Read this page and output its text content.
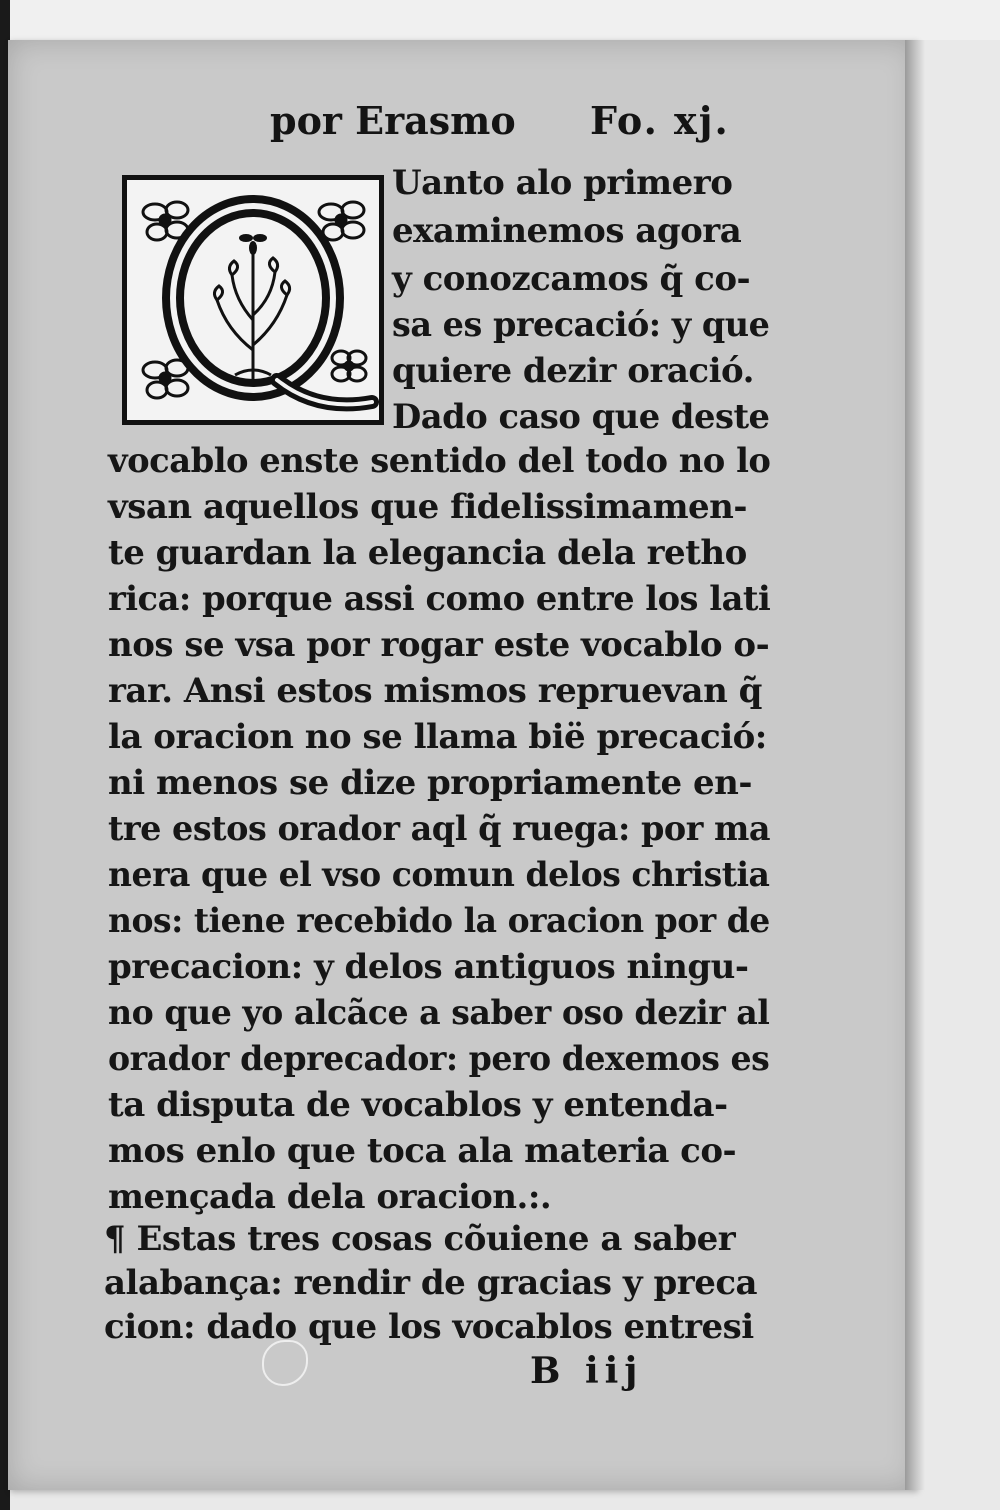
por Erasmo Fo. xj.
Uanto alo primero
examinemos agora
y conozcamos q̃ co-
sa es precació: y que
quiere dezir oració.
Dado caso que deste
vocablo enste sentido del todo no lo
vsan aquellos que fidelissimamen-
te guardan la elegancia dela retho
rica: porque assi como entre los lati
nos se vsa por rogar este vocablo o-
rar. Ansi estos mismos repruevan q̃
la oracion no se llama bië precació:
ni menos se dize propriamente en-
tre estos orador aql q̃ ruega: por ma
nera que el vso comun delos christia
nos: tiene recebido la oracion por de
precacion: y delos antiguos ningu-
no que yo alcãce a saber oso dezir al
orador deprecador: pero dexemos es
ta disputa de vocablos y entenda-
mos enlo que toca ala materia co-
mençada dela oracion.:.
¶ Estas tres cosas cõuiene a saber
alabança: rendir de gracias y preca
cion: dado que los vocablos entresi
B iij
